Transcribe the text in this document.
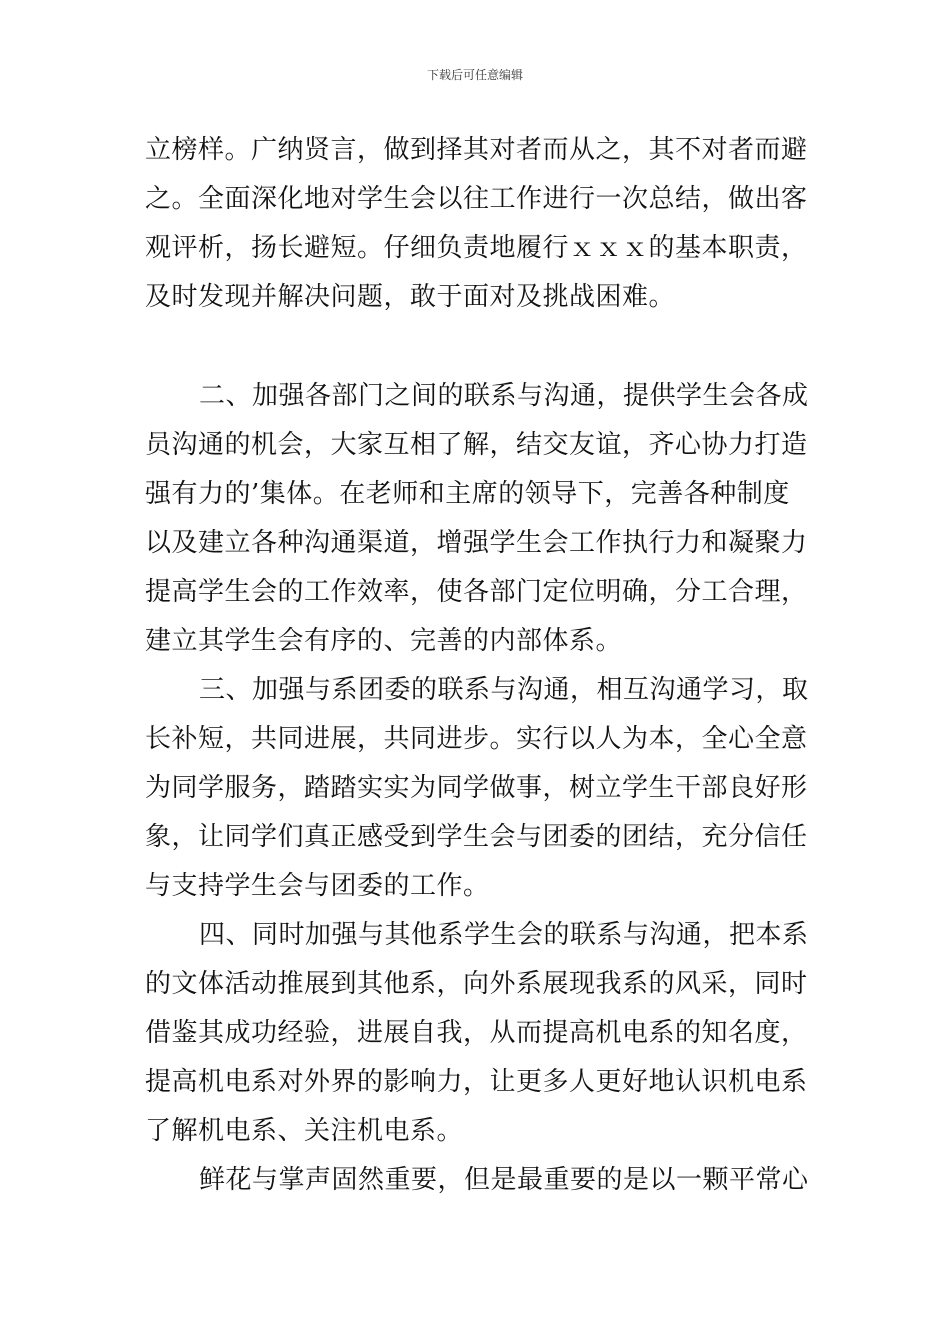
下载后可任意编辑
立榜样。广纳贤言，做到择其对者而从之，其不对者而避
之。全面深化地对学生会以往工作进行一次总结，做出客
观评析，扬长避短。仔细负责地履行ｘｘｘ的基本职责，
及时发现并解决问题，敢于面对及挑战困难。
二、加强各部门之间的联系与沟通，提供学生会各成
员沟通的机会，大家互相了解，结交友谊，齐心协力打造
强有力的’集体。在老师和主席的领导下，完善各种制度
以及建立各种沟通渠道，增强学生会工作执行力和凝聚力
提高学生会的工作效率，使各部门定位明确，分工合理，
建立其学生会有序的、完善的内部体系。
三、加强与系团委的联系与沟通，相互沟通学习，取
长补短，共同进展，共同进步。实行以人为本，全心全意
为同学服务，踏踏实实为同学做事，树立学生干部良好形
象，让同学们真正感受到学生会与团委的团结，充分信任
与支持学生会与团委的工作。
四、同时加强与其他系学生会的联系与沟通，把本系
的文体活动推展到其他系，向外系展现我系的风采，同时
借鉴其成功经验，进展自我，从而提高机电系的知名度，
提高机电系对外界的影响力，让更多人更好地认识机电系
了解机电系、关注机电系。
鲜花与掌声固然重要，但是最重要的是以一颗平常心
